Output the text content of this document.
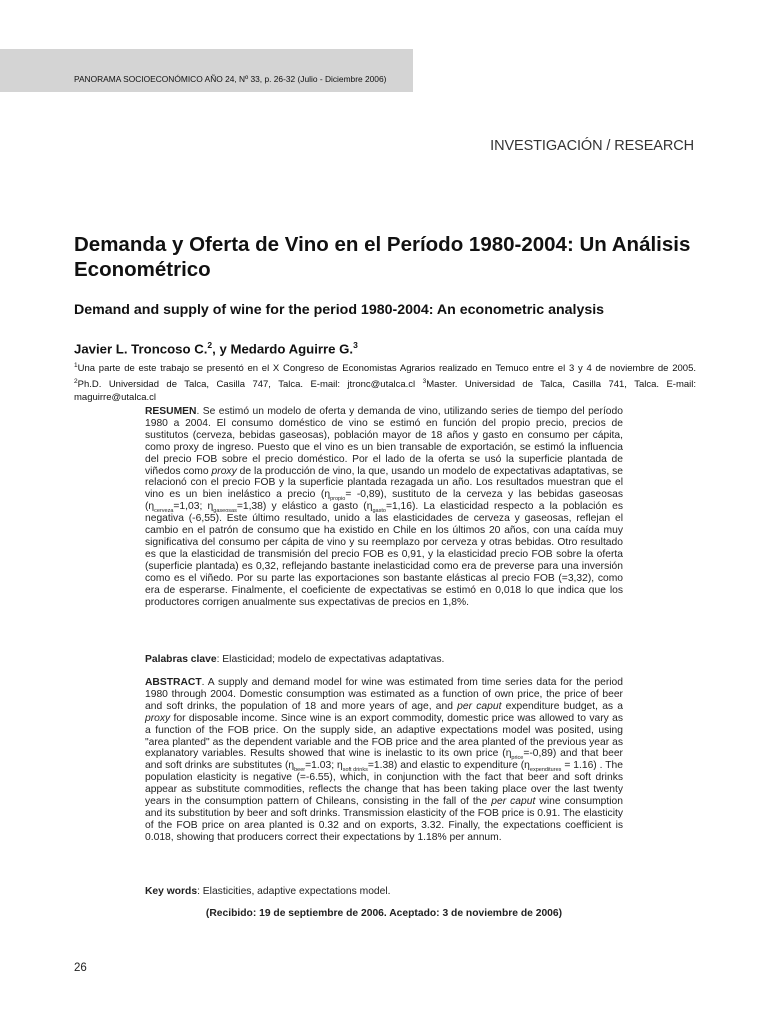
PANORAMA SOCIOECONÓMICO AÑO 24, Nº 33, p. 26-32 (Julio - Diciembre 2006)
INVESTIGACIÓN / RESEARCH
Demanda y Oferta de Vino en el Período 1980-2004: Un Análisis Econométrico
Demand and supply of wine for the period 1980-2004: An econometric analysis
Javier L. Troncoso C.$^2$, y Medardo Aguirre G.$^3$
$^1$Una parte de este trabajo se presentó en el X Congreso de Economistas Agrarios realizado en Temuco entre el 3 y 4 de noviembre de 2005. $^2$Ph.D. Universidad de Talca, Casilla 747, Talca. E-mail: jtronc@utalca.cl $^3$Master. Universidad de Talca, Casilla 741, Talca. E-mail: maguirre@utalca.cl

RESUMEN. Se estimó un modelo de oferta y demanda de vino, utilizando series de tiempo del período 1980 a 2004. El consumo doméstico de vino se estimó en función del propio precio, precios de sustitutos (cerveza, bebidas gaseosas), población mayor de 18 años y gasto en consumo per cápita, como proxy de ingreso. Puesto que el vino es un bien transable de exportación, se estimó la influencia del precio FOB sobre el precio doméstico. Por el lado de la oferta se usó la superficie plantada de viñedos como proxy de la producción de vino, la que, usando un modelo de expectativas adaptativas, se relacionó con el precio FOB y la superficie plantada rezagada un año. Los resultados muestran que el vino es un bien inelástico a precio $(\eta_{propio}= -0,89)$, sustituto de la cerveza y las bebidas gaseosas ($\eta_{cerveza}=1,03$; $\eta_{gaseosas}=1,38$) y elástico a gasto $(\eta_{gasto}=1,16)$. La elasticidad respecto a la población es negativa (-6,55). Este último resultado, unido a las elasticidades de cerveza y gaseosas, reflejan el cambio en el patrón de consumo que ha existido en Chile en los últimos 20 años, con una caída muy significativa del consumo per cápita de vino y su reemplazo por cerveza y otras bebidas. Otro resultado es que la elasticidad de transmisión del precio FOB es 0,91, y la elasticidad precio FOB sobre la oferta (superficie plantada) es 0,32, reflejando bastante inelasticidad como era de preverse para una inversión como es el viñedo. Por su parte las exportaciones son bastante elásticas al precio FOB (=3,32), como era de esperarse. Finalmente, el coeficiente de expectativas se estimó en 0,018 lo que indica que los productores corrigen anualmente sus expectativas de precios en 1,8%.

Palabras clave: Elasticidad; modelo de expectativas adaptativas.

ABSTRACT. A supply and demand model for wine was estimated from time series data for the period 1980 through 2004. Domestic consumption was estimated as a function of own price, the price of beer and soft drinks, the population of 18 and more years of age, and per caput expenditure budget, as a proxy for disposable income. Since wine is an export commodity, domestic price was allowed to vary as a function of the FOB price. On the supply side, an adaptive expectations model was posited, using "area planted" as the dependent variable and the FOB price and the area planted of the previous year as explanatory variables. Results showed that wine is inelastic to its own price $(\eta_{price}=-0,89)$ and that beer and soft drinks are substitutes ($\eta_{beer}=1.03$; $\eta_{soft drinks}=1.38$) and elastic to expenditure $(\eta_{expenditures} = 1.16)$ . The population elasticity is negative (=-6.55), which, in conjunction with the fact that beer and soft drinks appear as substitute commodities, reflects the change that has been taking place over the last twenty years in the consumption pattern of Chileans, consisting in the fall of the per caput wine consumption and its substitution by beer and soft drinks. Transmission elasticity of the FOB price is 0.91. The elasticity of the FOB price on area planted is 0.32 and on exports, 3.32. Finally, the expectations coefficient is 0.018, showing that producers correct their expectations by 1.18% per annum.

Key words: Elasticities, adaptive expectations model.

(Recibido: 19 de septiembre de 2006. Aceptado: 3 de noviembre de 2006)
26
